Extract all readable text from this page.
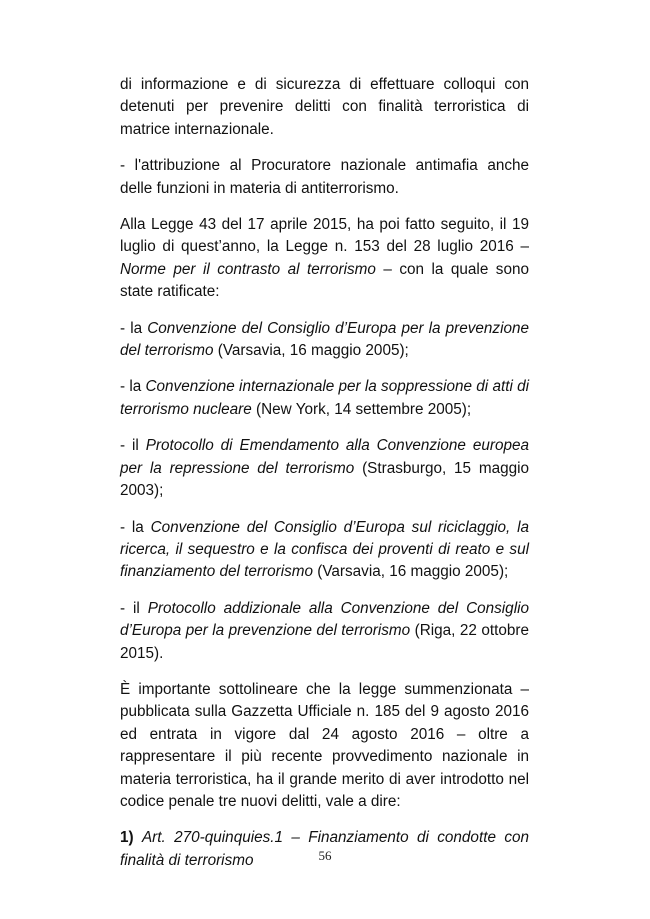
di informazione e di sicurezza di effettuare colloqui con detenuti per prevenire delitti con finalità terroristica di matrice internazionale.

- l'attribuzione al Procuratore nazionale antimafia anche delle funzioni in materia di antiterrorismo.

Alla Legge 43 del 17 aprile 2015, ha poi fatto seguito, il 19 luglio di quest’anno, la Legge n. 153 del 28 luglio 2016 – Norme per il contrasto al terrorismo – con la quale sono state ratificate:

- la Convenzione del Consiglio d’Europa per la prevenzione del terrorismo (Varsavia, 16 maggio 2005);

- la Convenzione internazionale per la soppressione di atti di terrorismo nucleare (New York, 14 settembre 2005);

- il Protocollo di Emendamento alla Convenzione europea per la repressione del terrorismo (Strasburgo, 15 maggio 2003);

- la Convenzione del Consiglio d’Europa sul riciclaggio, la ricerca, il sequestro e la confisca dei proventi di reato e sul finanziamento del terrorismo (Varsavia, 16 maggio 2005);

- il Protocollo addizionale alla Convenzione del Consiglio d’Europa per la prevenzione del terrorismo (Riga, 22 ottobre 2015).

È importante sottolineare che la legge summenzionata – pubblicata sulla Gazzetta Ufficiale n. 185 del 9 agosto 2016 ed entrata in vigore dal 24 agosto 2016 – oltre a rappresentare il più recente provvedimento nazionale in materia terroristica, ha il grande merito di aver introdotto nel codice penale tre nuovi delitti, vale a dire:

1) Art. 270-quinquies.1 – Finanziamento di condotte con finalità di terrorismo	56
